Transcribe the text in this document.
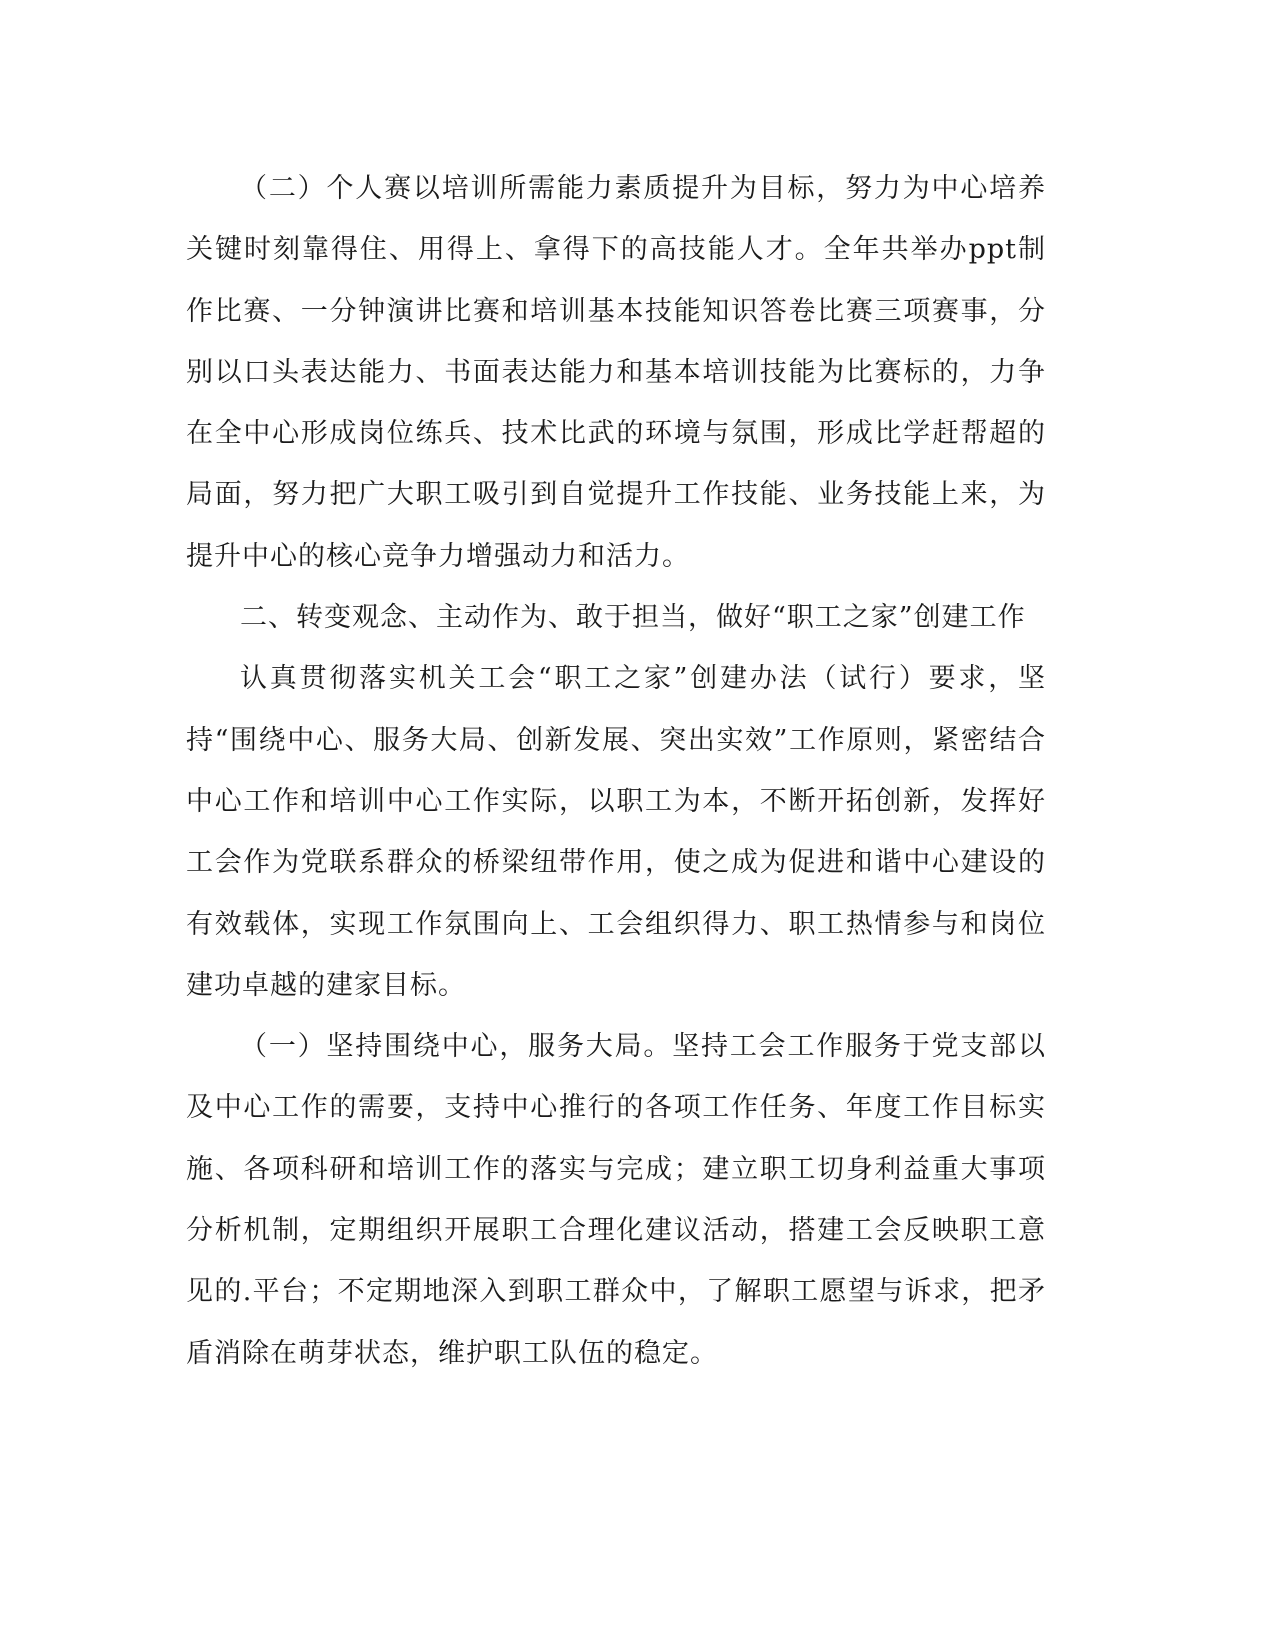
（二）个人赛以培训所需能力素质提升为目标，努力为中心培养关键时刻靠得住、用得上、拿得下的高技能人才。全年共举办ppt制作比赛、一分钟演讲比赛和培训基本技能知识答卷比赛三项赛事，分别以口头表达能力、书面表达能力和基本培训技能为比赛标的，力争在全中心形成岗位练兵、技术比武的环境与氛围，形成比学赶帮超的局面，努力把广大职工吸引到自觉提升工作技能、业务技能上来，为提升中心的核心竞争力增强动力和活力。

二、转变观念、主动作为、敢于担当，做好“职工之家”创建工作

认真贯彻落实机关工会“职工之家”创建办法（试行）要求，坚持“围绕中心、服务大局、创新发展、突出实效”工作原则，紧密结合中心工作和培训中心工作实际，以职工为本，不断开拓创新，发挥好工会作为党联系群众的桥梁纽带作用，使之成为促进和谐中心建设的有效载体，实现工作氛围向上、工会组织得力、职工热情参与和岗位建功卓越的建家目标。

（一）坚持围绕中心，服务大局。坚持工会工作服务于党支部以及中心工作的需要，支持中心推行的各项工作任务、年度工作目标实施、各项科研和培训工作的落实与完成；建立职工切身利益重大事项分析机制，定期组织开展职工合理化建议活动，搭建工会反映职工意见的.平台；不定期地深入到职工群众中，了解职工愿望与诉求，把矛盾消除在萌芽状态，维护职工队伍的稳定。
